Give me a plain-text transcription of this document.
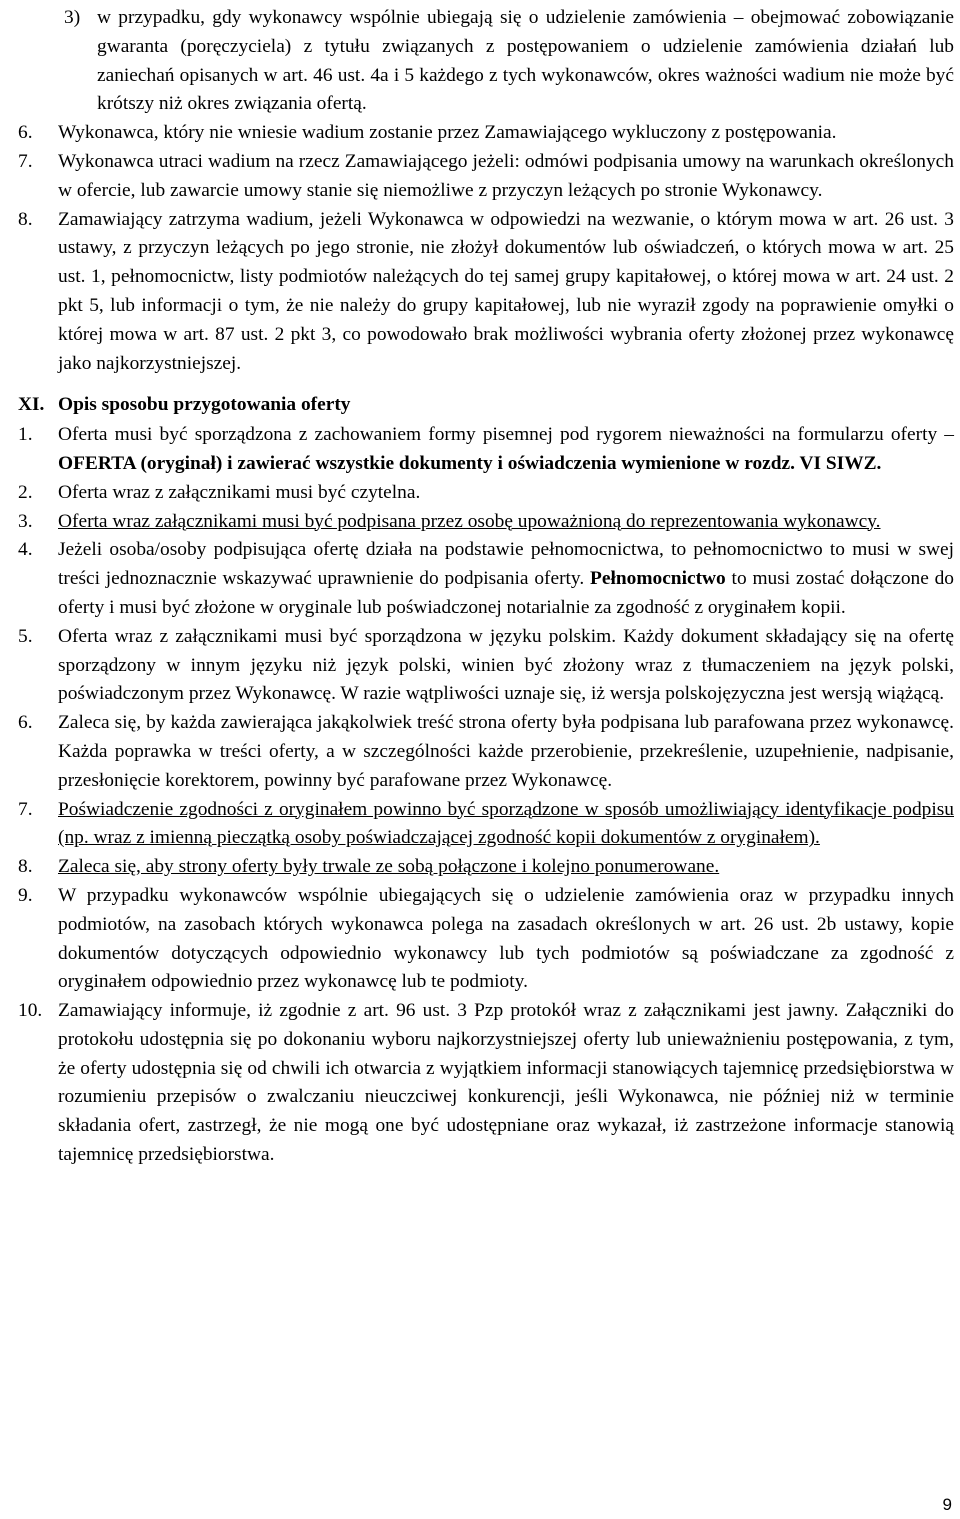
3) w przypadku, gdy wykonawcy wspólnie ubiegają się o udzielenie zamówienia – obejmować zobowiązanie gwaranta (poręczyciela) z tytułu związanych z postępowaniem o udzielenie zamówienia działań lub zaniechań opisanych w art. 46 ust. 4a i 5 każdego z tych wykonawców, okres ważności wadium nie może być krótszy niż okres związania ofertą.
6.	Wykonawca, który nie wniesie wadium zostanie przez Zamawiającego wykluczony z postępowania.
7.	Wykonawca utraci wadium na rzecz Zamawiającego jeżeli: odmówi podpisania umowy na warunkach określonych w ofercie, lub zawarcie umowy stanie się niemożliwe z przyczyn leżących po stronie Wykonawcy.
8.	Zamawiający zatrzyma wadium, jeżeli Wykonawca w odpowiedzi na wezwanie, o którym mowa w art. 26 ust. 3 ustawy, z przyczyn leżących po jego stronie, nie złożył dokumentów lub oświadczeń, o których mowa w art. 25 ust. 1, pełnomocnictw, listy podmiotów należących do tej samej grupy kapitałowej, o której mowa w art. 24 ust. 2 pkt 5, lub informacji o tym, że nie należy do grupy kapitałowej, lub nie wyraził zgody na poprawienie omyłki o której mowa w art. 87 ust. 2 pkt 3, co powodowało brak możliwości wybrania oferty złożonej przez wykonawcę jako najkorzystniejszej.
XI. Opis sposobu przygotowania oferty
1.	Oferta musi być sporządzona z zachowaniem formy pisemnej pod rygorem nieważności na formularzu oferty – OFERTA (oryginał) i zawierać wszystkie dokumenty i oświadczenia wymienione w rozdz. VI SIWZ.
2.	Oferta wraz z załącznikami musi być czytelna.
3.	Oferta wraz załącznikami musi być podpisana przez osobę upoważnioną do reprezentowania wykonawcy.
4.	Jeżeli osoba/osoby podpisująca ofertę działa na podstawie pełnomocnictwa, to pełnomocnictwo to musi w swej treści jednoznacznie wskazywać uprawnienie do podpisania oferty. Pełnomocnictwo to musi zostać dołączone do oferty i musi być złożone w oryginale lub poświadczonej notarialnie za zgodność z oryginałem kopii.
5.	Oferta wraz z załącznikami musi być sporządzona w języku polskim. Każdy dokument składający się na ofertę sporządzony w innym języku niż język polski, winien być złożony wraz z tłumaczeniem na język polski, poświadczonym przez Wykonawcę. W razie wątpliwości uznaje się, iż wersja polskojęzyczna jest wersją wiążącą.
6.	Zaleca się, by każda zawierająca jakąkolwiek treść strona oferty była podpisana lub parafowana przez wykonawcę. Każda poprawka w treści oferty, a w szczególności każde przerobienie, przekreślenie, uzupełnienie, nadpisanie, przesłonięcie korektorem, powinny być parafowane przez Wykonawcę.
7.	Poświadczenie zgodności z oryginałem powinno być sporządzone w sposób umożliwiający identyfikacje podpisu (np. wraz z imienną pieczątką osoby poświadczającej zgodność kopii dokumentów z oryginałem).
8.	Zaleca się, aby strony oferty były trwale ze sobą połączone i kolejno ponumerowane.
9.	W przypadku wykonawców wspólnie ubiegających się o udzielenie zamówienia oraz w przypadku innych podmiotów, na zasobach których wykonawca polega na zasadach określonych w art. 26 ust. 2b ustawy, kopie dokumentów dotyczących odpowiednio wykonawcy lub tych podmiotów są poświadczane za zgodność z oryginałem odpowiednio przez wykonawcę lub te podmioty.
10. Zamawiający informuje, iż zgodnie z art. 96 ust. 3 Pzp protokół wraz z załącznikami jest jawny. Załączniki do protokołu udostępnia się po dokonaniu wyboru najkorzystniejszej oferty lub unieważnieniu postępowania, z tym, że oferty udostępnia się od chwili ich otwarcia z wyjątkiem informacji stanowiących tajemnicę przedsiębiorstwa w rozumieniu przepisów o zwalczaniu nieuczciwej konkurencji, jeśli Wykonawca, nie później niż w terminie składania ofert, zastrzegł, że nie mogą one być udostępniane oraz wykazał, iż zastrzeżone informacje stanowią tajemnicę przedsiębiorstwa.
9
